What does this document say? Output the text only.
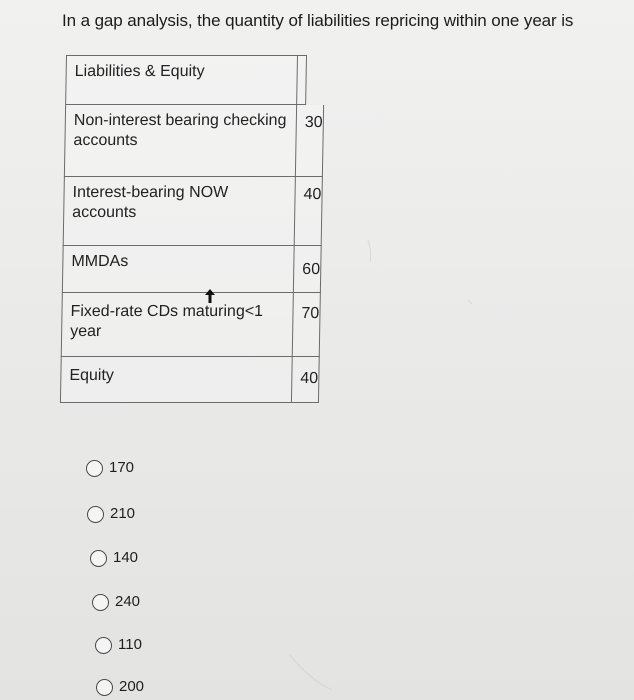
In a gap analysis, the quantity of liabilities repricing within one year is
Liabilities & Equity
Non-interest bearing checking accounts
30
Interest-bearing NOW accounts
40
MMDAs	60
Fixed-rate CDs maturing<1 year
70
Equity	40
170
210
140
240
110
200
